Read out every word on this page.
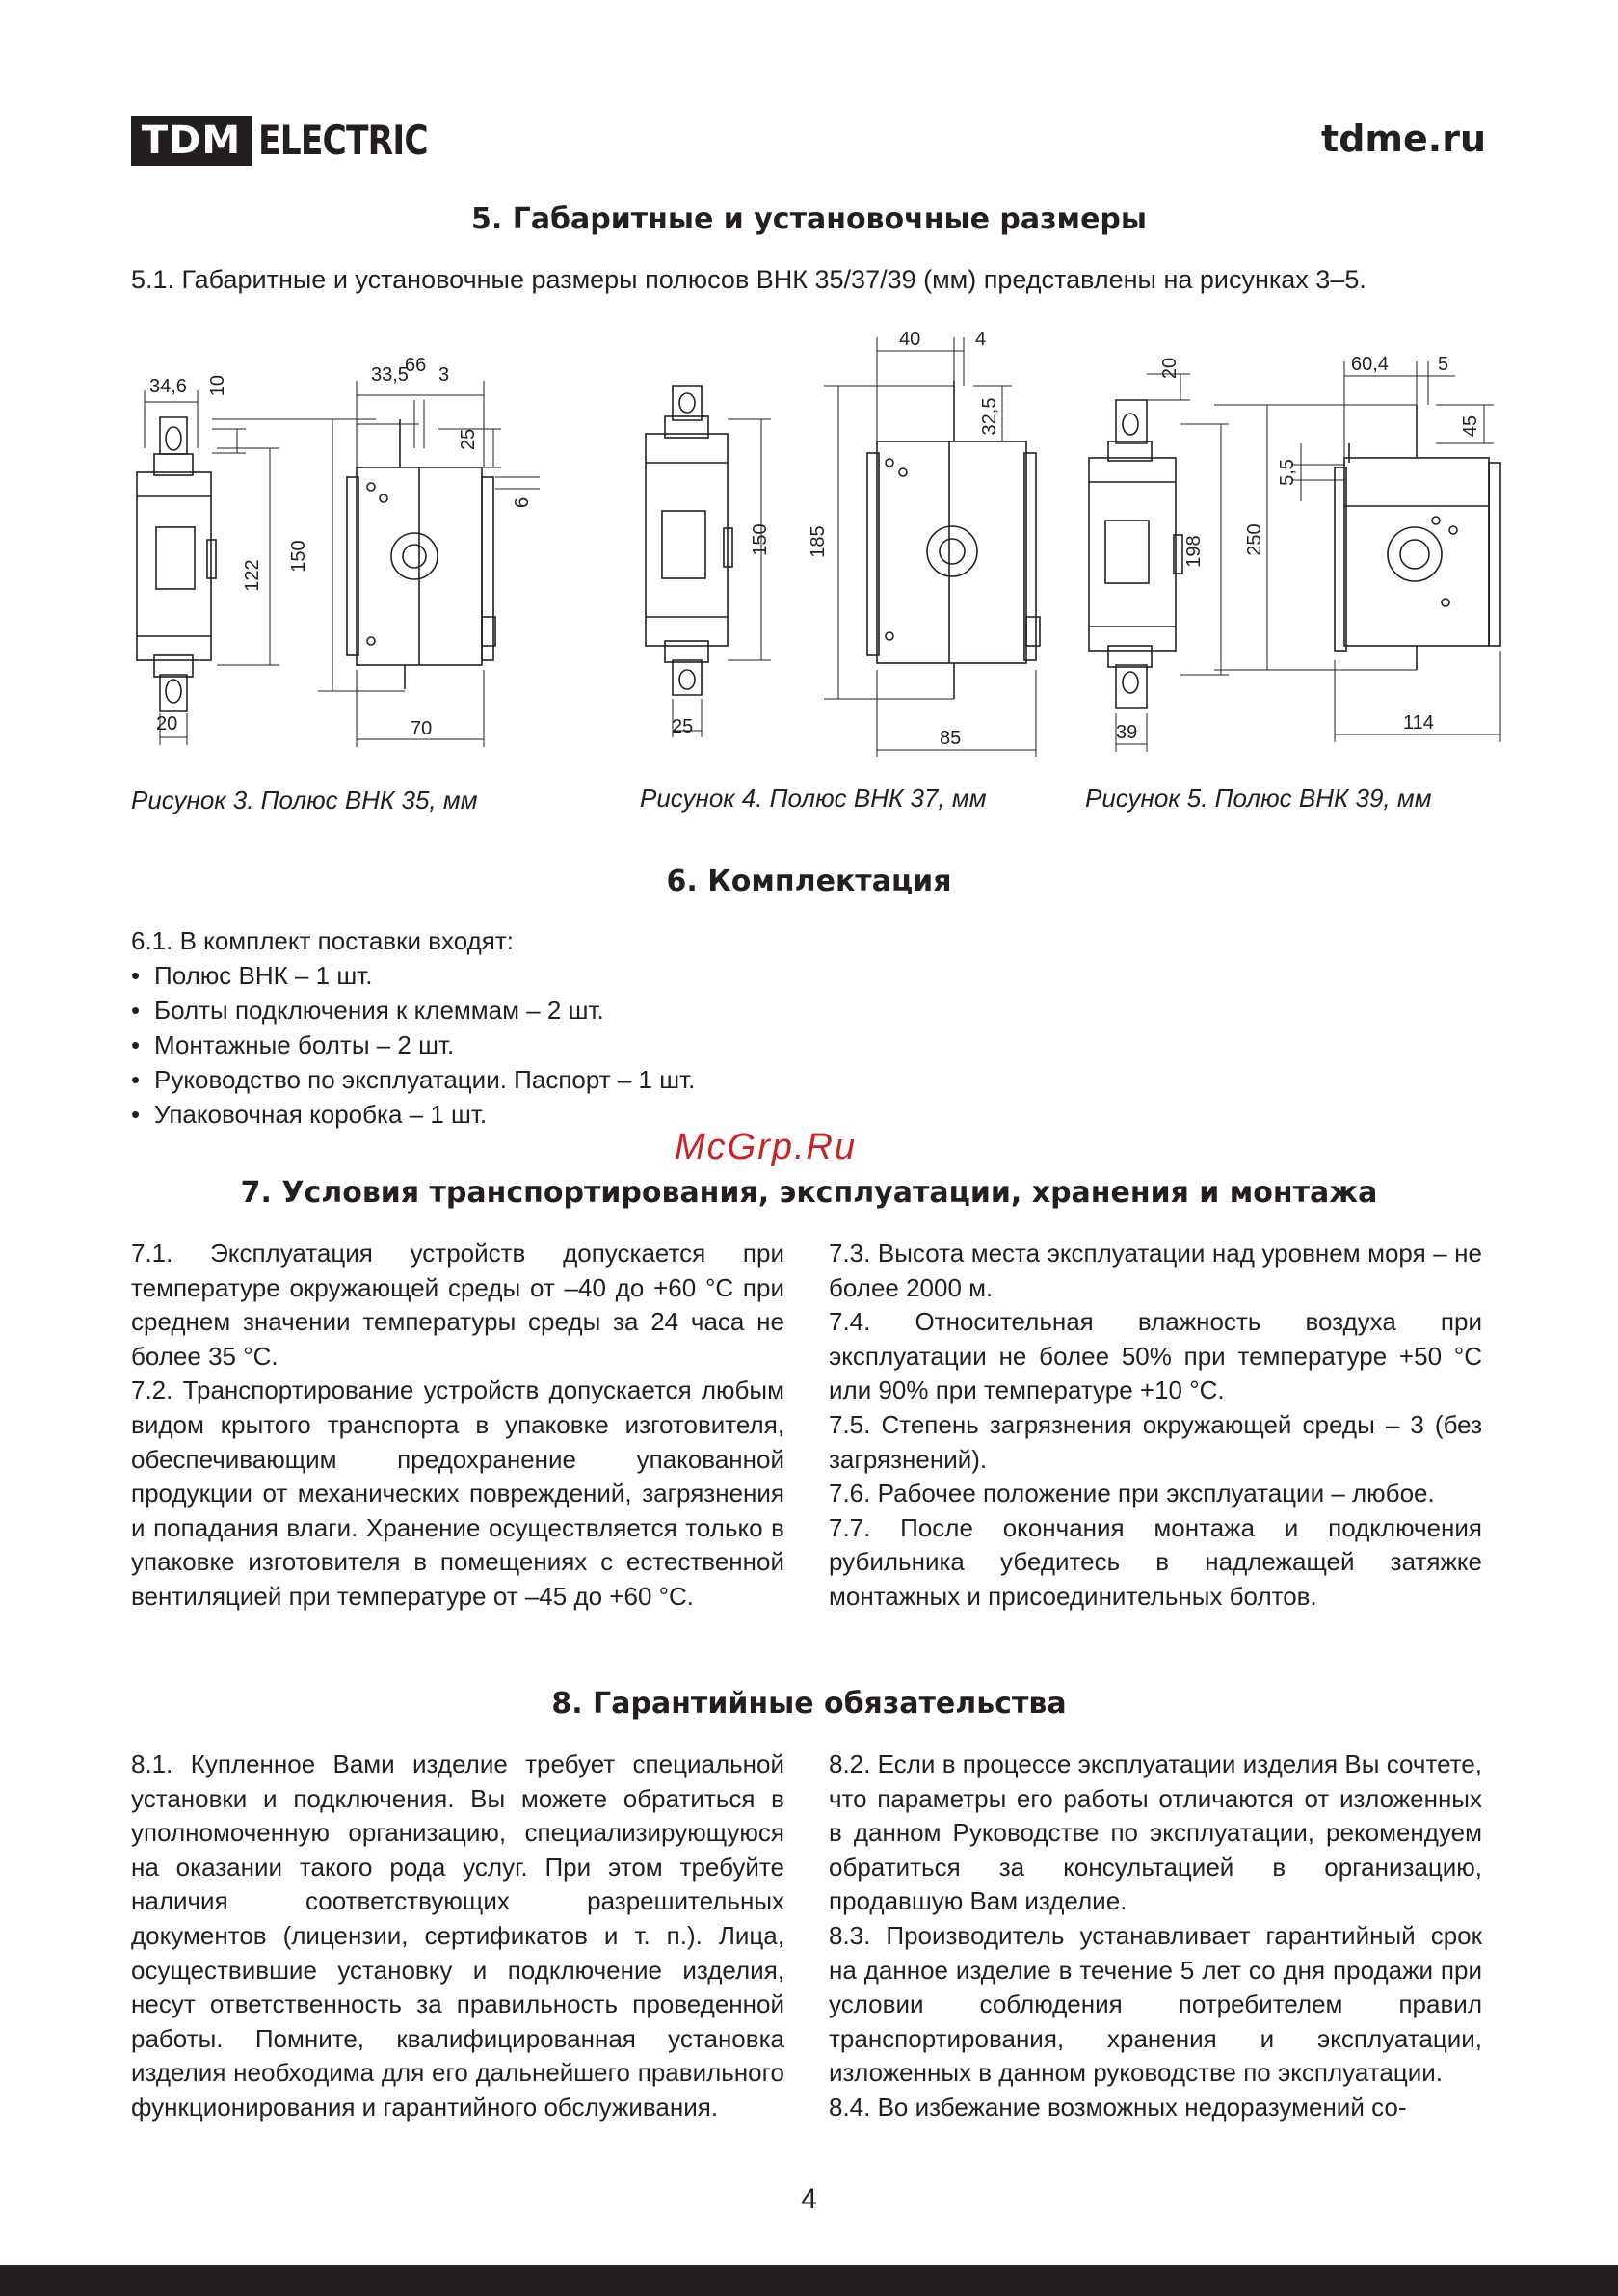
TDM ELECTRIC	tdme.ru
5. Габаритные и установочные размеры
5.1. Габаритные и установочные размеры полюсов ВНК 35/37/39 (мм) представлены на рисунках 3–5.
34,6 10
122
20
66
33,5 3
25
6
150
70
150
25
40	4
32,5
185
85
20
198
39
60,4	5
45
5,5
250
114
Рисунок 3. Полюс ВНК 35, мм	Рисунок 4. Полюс ВНК 37, мм	Рисунок 5. Полюс ВНК 39, мм
6. Комплектация
6.1. В комплект поставки входят:
• Полюс ВНК – 1 шт.
• Болты подключения к клеммам – 2 шт.
• Монтажные болты – 2 шт.
• Руководство по эксплуатации. Паспорт – 1 шт.
• Упаковочная коробка – 1 шт.
McGrp.Ru
7. Условия транспортирования, эксплуатации, хранения и монтажа

7.1. Эксплуатация устройств допускается при температуре окружающей среды от –40 до +60 °С при среднем значении температуры среды за 24 часа не более 35 °С.

7.2. Транспортирование устройств допускается любым видом крытого транспорта в упаковке изготовителя, обеспечивающим предохранение упакованной продукции от механических повреждений, загрязнения и попадания влаги. Хранение осуществляется только в упаковке изготовителя в помещениях с естественной вентиляцией при температуре от –45 до +60 °С.

7.3. Высота места эксплуатации над уровнем моря – не более 2000 м.

7.4. Относительная влажность воздуха при эксплуатации не более 50% при температуре +50 °С или 90% при температуре +10 °С.

7.5. Степень загрязнения окружающей среды – 3 (без загрязнений).

7.6. Рабочее положение при эксплуатации – любое.

7.7. После окончания монтажа и подключения рубильника убедитесь в надлежащей затяжке монтажных и присоединительных болтов.

8. Гарантийные обязательства

8.1. Купленное Вами изделие требует специальной установки и подключения. Вы можете обратиться в уполномоченную организацию, специализирующуюся на оказании такого рода услуг. При этом требуйте наличия соответствующих разрешительных документов (лицензии, сертификатов и т. п.). Лица, осуществившие установку и подключение изделия, несут ответственность за правильность проведенной работы. Помните, квалифицированная установка изделия необходима для его дальнейшего правильного функционирования и гарантийного обслуживания.

8.2. Если в процессе эксплуатации изделия Вы сочтете, что параметры его работы отличаются от изложенных в данном Руководстве по эксплуатации, рекомендуем обратиться за консультацией в организацию, продавшую Вам изделие.

8.3. Производитель устанавливает гарантийный срок на данное изделие в течение 5 лет со дня продажи при условии соблюдения потребителем правил транспортирования, хранения и эксплуатации, изложенных в данном руководстве по эксплуатации.

8.4. Во избежание возможных недоразумений со-

4
